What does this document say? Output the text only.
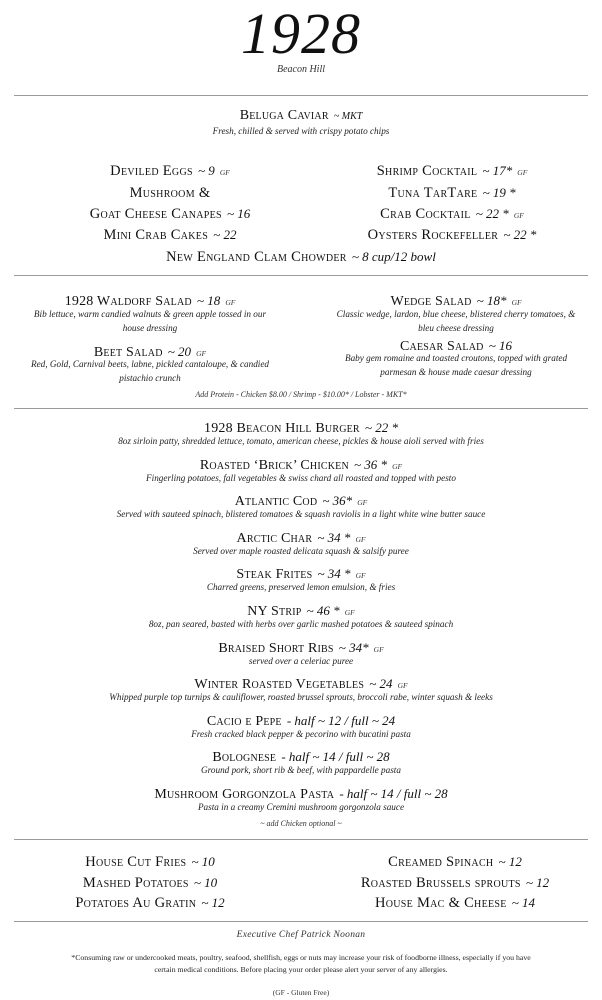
1928
Beacon Hill
Beluga Caviar ~ MKT
Fresh, chilled & served with crispy potato chips
Deviled Eggs ~ 9 GF
Mushroom &
Goat Cheese Canapes ~ 16
Mini Crab Cakes ~ 22
Shrimp Cocktail ~ 17* GF
Tuna TarTare ~ 19 *
Crab Cocktail ~ 22 * GF
Oysters Rockefeller ~ 22 *
New England Clam Chowder ~ 8 cup/12 bowl
1928 Waldorf Salad ~ 18 GF
Bib lettuce, warm candied walnuts & green apple tossed in our
house dressing
Beet Salad ~ 20 GF
Red, Gold, Carnival beets, labne, pickled cantaloupe, & candied
pistachio crunch
Wedge Salad ~ 18* GF
Classic wedge, lardon, blue cheese, blistered cherry tomatoes, &
bleu cheese dressing
Caesar Salad ~ 16
Baby gem romaine and toasted croutons, topped with grated
parmesan & house made caesar dressing
Add Protein - Chicken $8.00 / Shrimp - $10.00* / Lobster - MKT*
1928 Beacon Hill Burger ~ 22 *
8oz sirloin patty, shredded lettuce, tomato, american cheese, pickles & house aioli served with fries
Roasted ‘Brick’ Chicken ~ 36 * GF
Fingerling potatoes, fall vegetables & swiss chard all roasted and topped with pesto
Atlantic Cod ~ 36* GF
Served with sauteed spinach, blistered tomatoes & squash raviolis in a light white wine butter sauce
Arctic Char ~ 34 * GF
Served over maple roasted delicata squash & salsify puree
Steak Frites ~ 34 * GF
Charred greens, preserved lemon emulsion, & fries
NY Strip ~ 46 * GF
8oz, pan seared, basted with herbs over garlic mashed potatoes & sauteed spinach
Braised Short Ribs ~ 34* GF
served over a celeriac puree
Winter Roasted Vegetables ~ 24 GF
Whipped purple top turnips & cauliflower, roasted brussel sprouts, broccoli rabe, winter squash & leeks
Cacio e Pepe - half ~ 12 / full ~ 24
Fresh cracked black pepper & pecorino with bucatini pasta
Bolognese - half ~ 14 / full ~ 28
Ground pork, short rib & beef, with pappardelle pasta
Mushroom Gorgonzola Pasta - half ~ 14 / full ~ 28
Pasta in a creamy Cremini mushroom gorgonzola sauce
~ add Chicken optional ~
House Cut Fries ~ 10
Mashed Potatoes ~ 10
Potatoes Au Gratin ~ 12
Creamed Spinach ~ 12
Roasted Brussels sprouts ~ 12
House Mac & Cheese ~ 14
Executive Chef Patrick Noonan
*Consuming raw or undercooked meats, poultry, seafood, shellfish, eggs or nuts may increase your risk of foodborne illness, especially if you have certain medical conditions. Before placing your order please alert your server of any allergies.
(GF - Gluten Free)
